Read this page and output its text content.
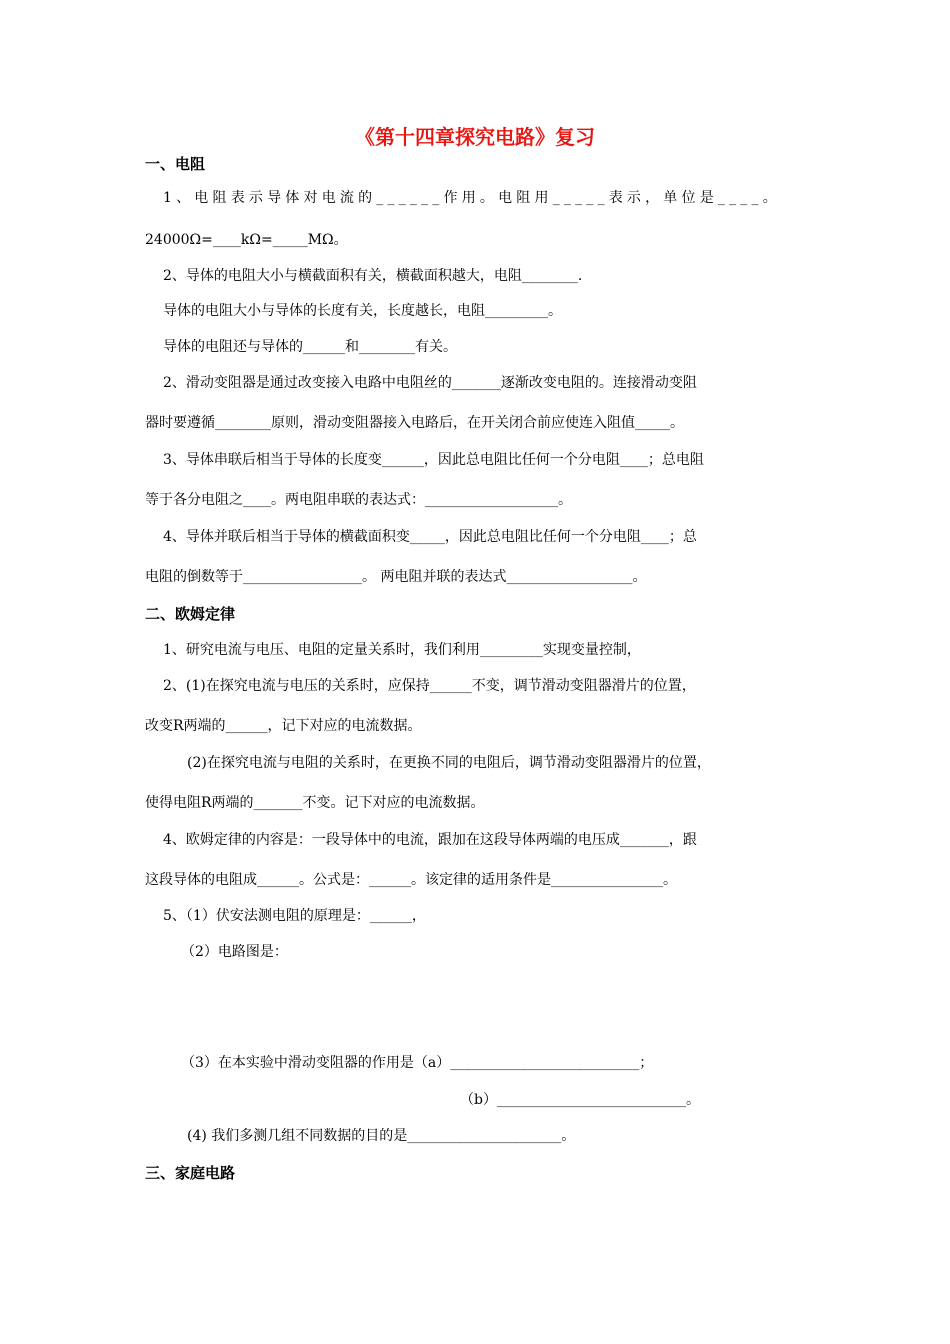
《第十四章探究电路》复习
一、电阻
1、电阻表示导体对电流的______作用。电阻用_____表示，单位是____。
24000Ω=____kΩ=_____MΩ。
2、导体的电阻大小与横截面积有关，横截面积越大，电阻________.
导体的电阻大小与导体的长度有关，长度越长，电阻_________。
导体的电阻还与导体的______和________有关。
2、滑动变阻器是通过改变接入电路中电阻丝的_______逐渐改变电阻的。连接滑动变阻
器时要遵循________原则，滑动变阻器接入电路后，在开关闭合前应使连入阻值_____。
3、导体串联后相当于导体的长度变______，因此总电阻比任何一个分电阻____；总电阻
等于各分电阻之____。两电阻串联的表达式：___________________。
4、导体并联后相当于导体的横截面积变_____，因此总电阻比任何一个分电阻____；总
电阻的倒数等于_________________。 两电阻并联的表达式__________________。
二、欧姆定律
1、研究电流与电压、电阻的定量关系时，我们利用_________实现变量控制，
2、(1)在探究电流与电压的关系时，应保持______不变，调节滑动变阻器滑片的位置，
改变R两端的______，记下对应的电流数据。
(2)在探究电流与电阻的关系时，在更换不同的电阻后，调节滑动变阻器滑片的位置，
使得电阻R两端的_______不变。记下对应的电流数据。
4、欧姆定律的内容是：一段导体中的电流，跟加在这段导体两端的电压成_______，跟
这段导体的电阻成______。公式是：______。该定律的适用条件是________________。
5、（1）伏安法测电阻的原理是：______，
（2）电路图是：
（3）在本实验中滑动变阻器的作用是（a）___________________________；
（b）___________________________。
(4) 我们多测几组不同数据的目的是______________________。
三、家庭电路
